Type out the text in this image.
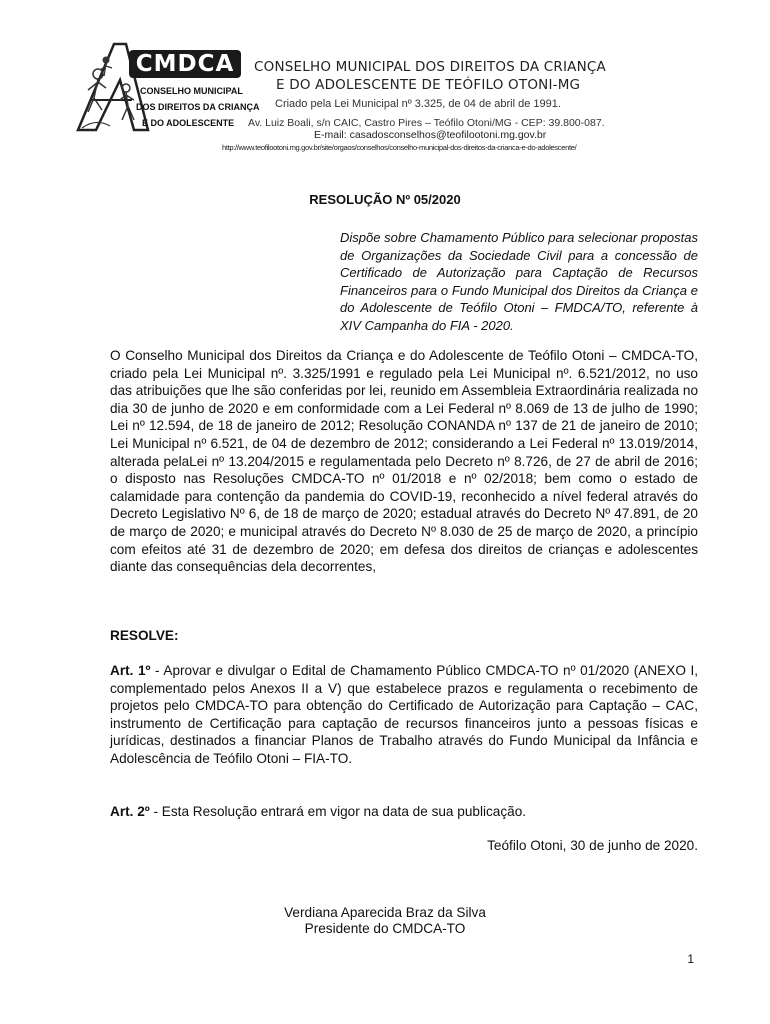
CMDCA
CONSELHO MUNICIPAL
DOS DIREITOS DA CRIANÇA
E DO ADOLESCENTE
CONSELHO MUNICIPAL DOS DIREITOS DA CRIANÇA
E DO ADOLESCENTE DE TEÓFILO OTONI-MG
Criado pela Lei Municipal nº 3.325, de 04 de abril de 1991.
Av. Luiz Boali, s/n CAIC, Castro Pires – Teófilo Otoni/MG - CEP: 39.800-087.
E-mail: casadosconselhos@teofilootoni.mg.gov.br
http://www.teofilootoni.mg.gov.br/site/orgaos/conselhos/conselho-municipal-dos-direitos-da-crianca-e-do-adolescente/
RESOLUÇÃO Nº 05/2020
Dispõe sobre Chamamento Público para selecionar propostas de Organizações da Sociedade Civil para a concessão de Certificado de Autorização para Captação de Recursos Financeiros para o Fundo Municipal dos Direitos da Criança e do Adolescente de Teófilo Otoni – FMDCA/TO, referente à XIV Campanha do FIA - 2020.
O Conselho Municipal dos Direitos da Criança e do Adolescente de Teófilo Otoni – CMDCA-TO, criado pela Lei Municipal nº. 3.325/1991 e regulado pela Lei Municipal nº. 6.521/2012, no uso das atribuições que lhe são conferidas por lei, reunido em Assembleia Extraordinária realizada no dia 30 de junho de 2020 e em conformidade com a Lei Federal nº 8.069 de 13 de julho de 1990; Lei nº 12.594, de 18 de janeiro de 2012; Resolução CONANDA nº 137 de 21 de janeiro de 2010; Lei Municipal nº 6.521, de 04 de dezembro de 2012; considerando a Lei Federal nº 13.019/2014, alterada pelaLei nº 13.204/2015 e regulamentada pelo Decreto nº 8.726, de 27 de abril de 2016; o disposto nas Resoluções CMDCA-TO nº 01/2018 e nº 02/2018; bem como o estado de calamidade para contenção da pandemia do COVID-19, reconhecido a nível federal através do Decreto Legislativo Nº 6, de 18 de março de 2020; estadual através do Decreto Nº 47.891, de 20 de março de 2020; e municipal através do Decreto Nº 8.030 de 25 de março de 2020, a princípio com efeitos até 31 de dezembro de 2020; em defesa dos direitos de crianças e adolescentes diante das consequências dela decorrentes,
RESOLVE:
Art. 1º - Aprovar e divulgar o Edital de Chamamento Público CMDCA-TO nº 01/2020 (ANEXO I, complementado pelos Anexos II a V) que estabelece prazos e regulamenta o recebimento de projetos pelo CMDCA-TO para obtenção do Certificado de Autorização para Captação – CAC, instrumento de Certificação para captação de recursos financeiros junto a pessoas físicas e jurídicas, destinados a financiar Planos de Trabalho através do Fundo Municipal da Infância e Adolescência de Teófilo Otoni – FIA-TO.
Art. 2º - Esta Resolução entrará em vigor na data de sua publicação.
Teófilo Otoni, 30 de junho de 2020.
Verdiana Aparecida Braz da Silva
Presidente do CMDCA-TO
1
